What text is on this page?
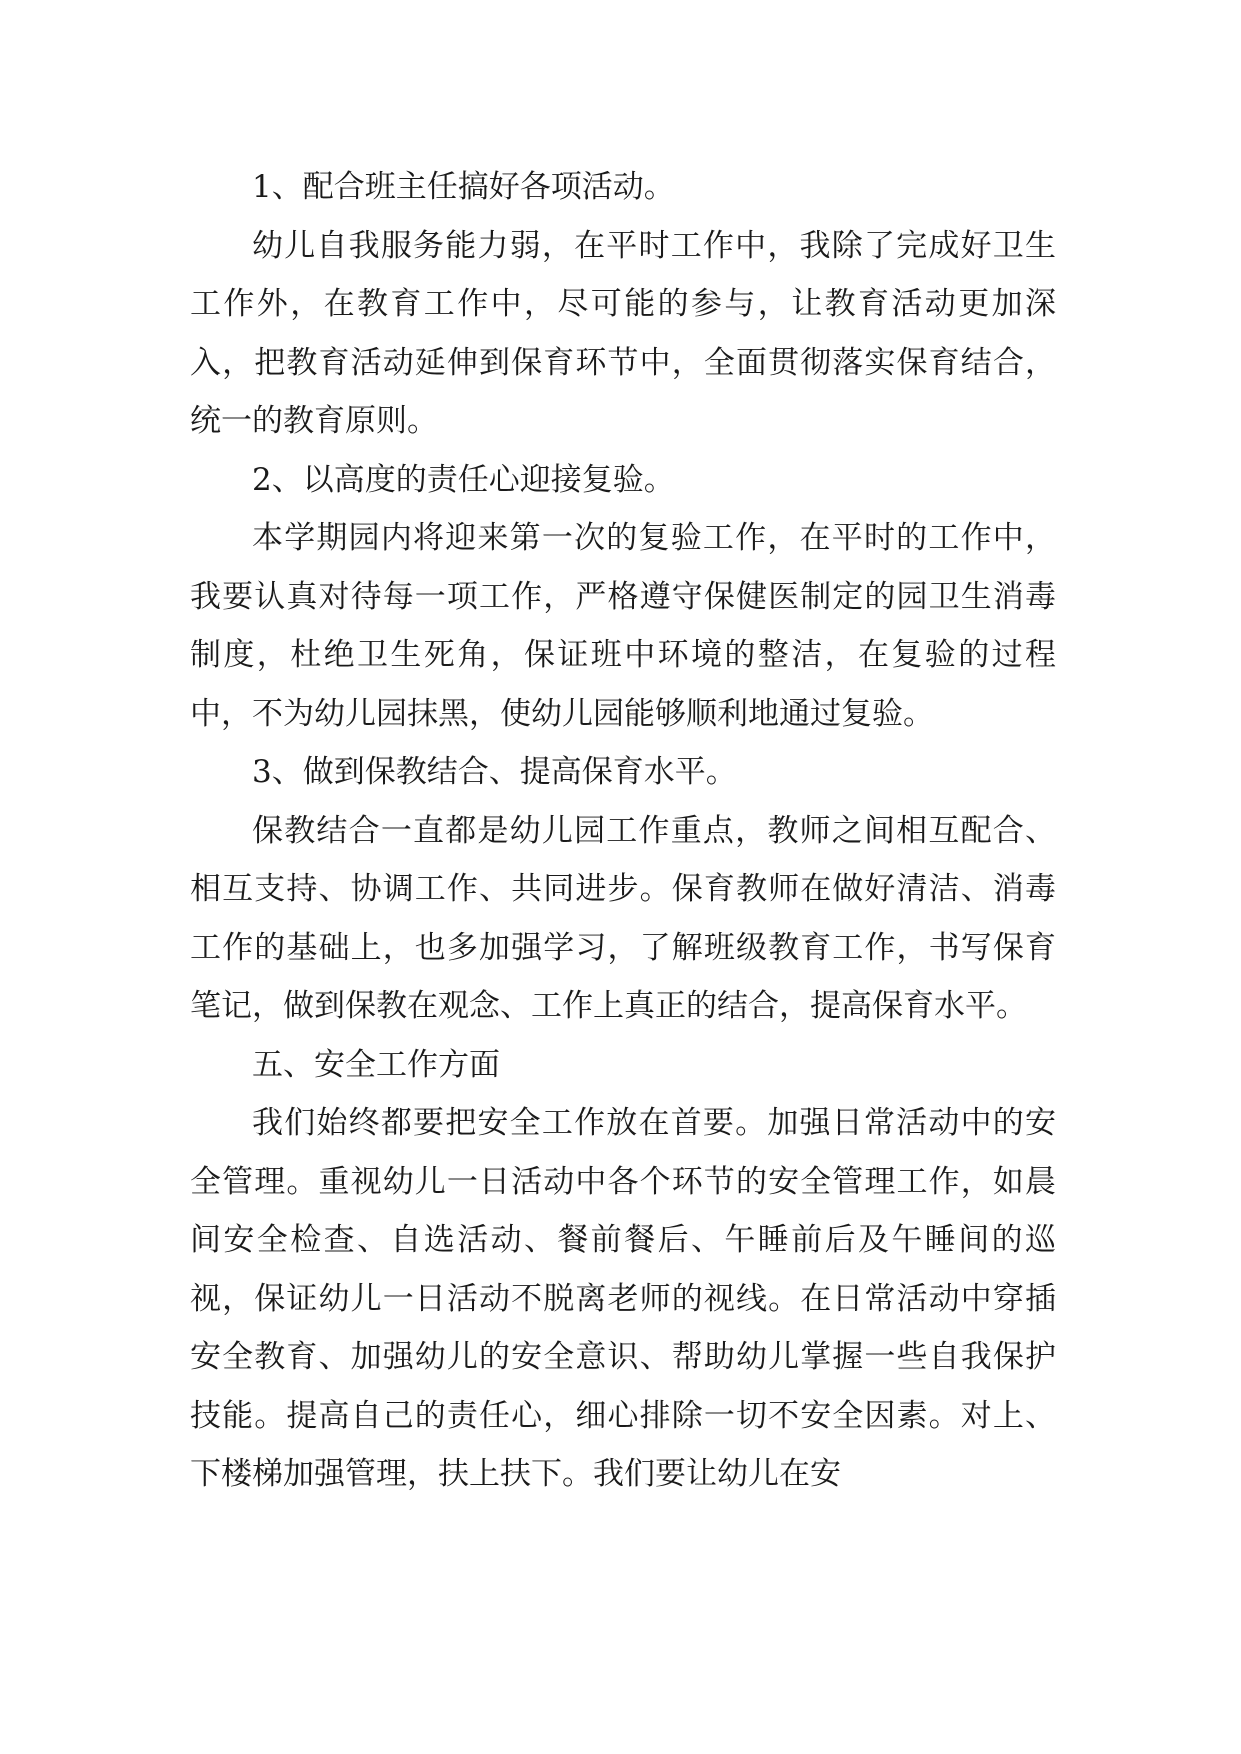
1、配合班主任搞好各项活动。

幼儿自我服务能力弱，在平时工作中，我除了完成好卫生工作外，在教育工作中，尽可能的参与，让教育活动更加深入，把教育活动延伸到保育环节中，全面贯彻落实保育结合，统一的教育原则。

2、以高度的责任心迎接复验。

本学期园内将迎来第一次的复验工作，在平时的工作中，我要认真对待每一项工作，严格遵守保健医制定的园卫生消毒制度，杜绝卫生死角，保证班中环境的整洁，在复验的过程中，不为幼儿园抹黑，使幼儿园能够顺利地通过复验。

3、做到保教结合、提高保育水平。

保教结合一直都是幼儿园工作重点，教师之间相互配合、相互支持、协调工作、共同进步。保育教师在做好清洁、消毒工作的基础上，也多加强学习，了解班级教育工作，书写保育笔记，做到保教在观念、工作上真正的结合，提高保育水平。

五、安全工作方面

我们始终都要把安全工作放在首要。加强日常活动中的安全管理。重视幼儿一日活动中各个环节的安全管理工作，如晨间安全检查、自选活动、餐前餐后、午睡前后及午睡间的巡视，保证幼儿一日活动不脱离老师的视线。在日常活动中穿插安全教育、加强幼儿的安全意识、帮助幼儿掌握一些自我保护技能。提高自己的责任心，细心排除一切不安全因素。对上、下楼梯加强管理，扶上扶下。我们要让幼儿在安
